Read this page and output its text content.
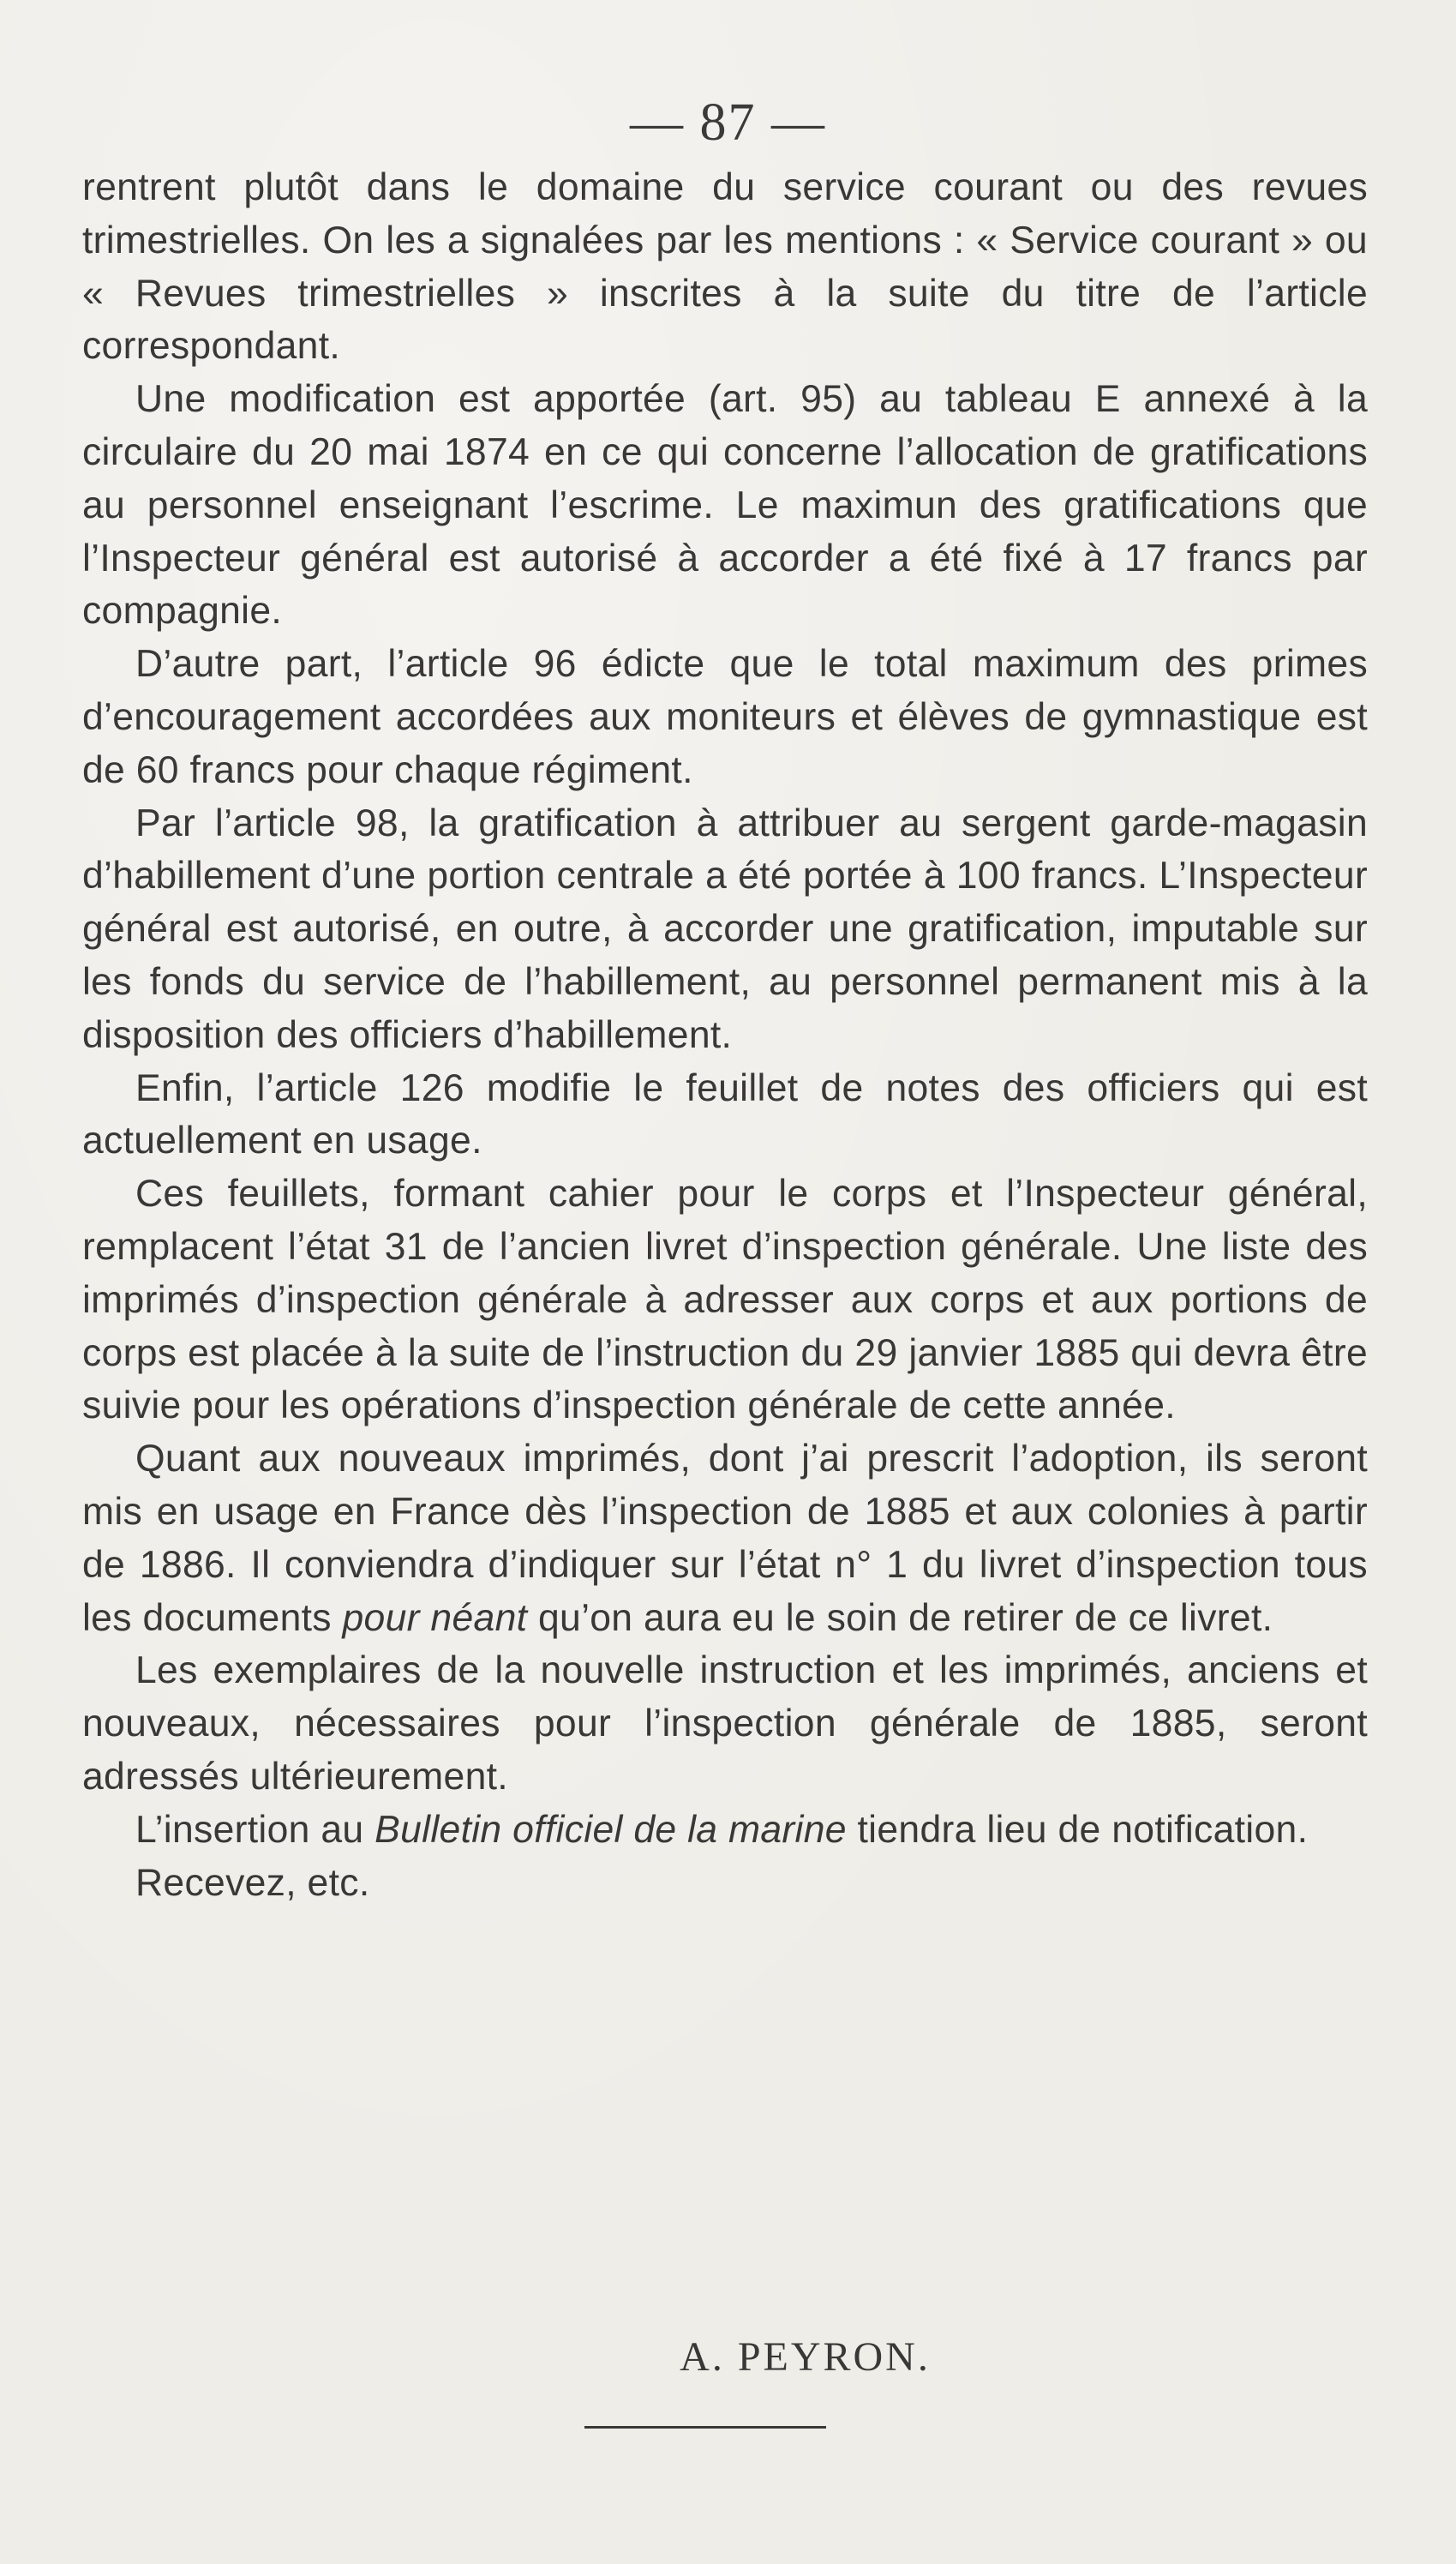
— 87 —

rentrent plutôt dans le domaine du service courant ou des revues trimestrielles. On les a signalées par les mentions : « Service courant » ou « Revues trimestrielles » inscrites à la suite du titre de l’article correspondant.

Une modification est apportée (art. 95) au tableau E annexé à la circulaire du 20 mai 1874 en ce qui concerne l’allocation de gratifications au personnel enseignant l’escrime. Le maximun des gratifications que l’Inspecteur général est autorisé à accorder a été fixé à 17 francs par compagnie.

D’autre part, l’article 96 édicte que le total maximum des primes d’encouragement accordées aux moniteurs et élèves de gymnastique est de 60 francs pour chaque régiment.

Par l’article 98, la gratification à attribuer au sergent garde-magasin d’habillement d’une portion centrale a été portée à 100 francs. L’Inspecteur général est autorisé, en outre, à accorder une gratification, imputable sur les fonds du service de l’habillement, au personnel permanent mis à la disposition des officiers d’habillement.

Enfin, l’article 126 modifie le feuillet de notes des officiers qui est actuellement en usage.

Ces feuillets, formant cahier pour le corps et l’Inspecteur général, remplacent l’état 31 de l’ancien livret d’inspection générale. Une liste des imprimés d’inspection générale à adresser aux corps et aux portions de corps est placée à la suite de l’instruction du 29 janvier 1885 qui devra être suivie pour les opérations d’inspection générale de cette année.

Quant aux nouveaux imprimés, dont j’ai prescrit l’adoption, ils seront mis en usage en France dès l’inspection de 1885 et aux colonies à partir de 1886. Il conviendra d’indiquer sur l’état n° 1 du livret d’inspection tous les documents pour néant qu’on aura eu le soin de retirer de ce livret.

Les exemplaires de la nouvelle instruction et les imprimés, anciens et nouveaux, nécessaires pour l’inspection générale de 1885, seront adressés ultérieurement.

L’insertion au Bulletin officiel de la marine tiendra lieu de notification.

Recevez, etc.

A. PEYRON.
